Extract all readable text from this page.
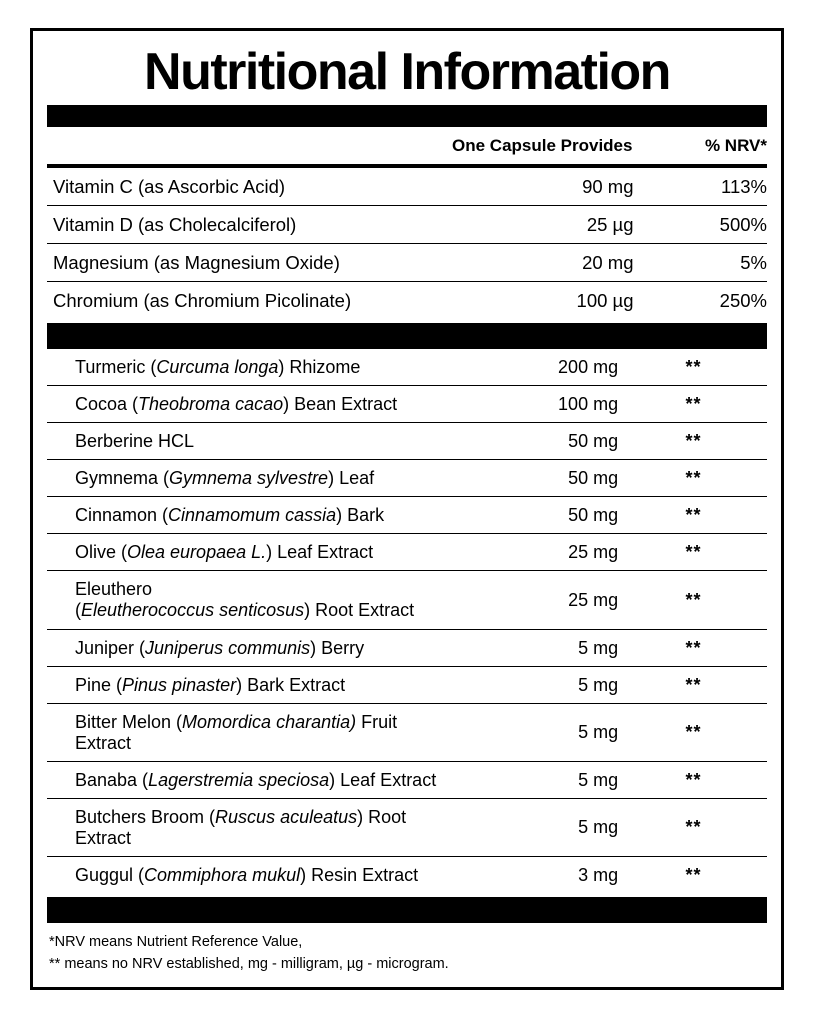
Nutritional Information
	One Capsule Provides	% NRV*
Vitamin C (as Ascorbic Acid)	90 mg	113%
Vitamin D (as Cholecalciferol)	25 µg	500%
Magnesium (as Magnesium Oxide)	20 mg	5%
Chromium (as Chromium Picolinate)	100 µg	250%
Turmeric (Curcuma longa) Rhizome	200 mg	**
Cocoa (Theobroma cacao) Bean Extract	100 mg	**
Berberine HCL	50 mg	**
Gymnema (Gymnema sylvestre) Leaf	50 mg	**
Cinnamon (Cinnamomum cassia) Bark	50 mg	**
Olive (Olea europaea L.) Leaf Extract	25 mg	**
Eleuthero
(Eleutherococcus senticosus) Root Extract	25 mg	**
Juniper (Juniperus communis) Berry	5 mg	**
Pine (Pinus pinaster) Bark Extract	5 mg	**
Bitter Melon (Momordica charantia) Fruit Extract	5 mg	**
Banaba (Lagerstremia speciosa) Leaf Extract	5 mg	**
Butchers Broom (Ruscus aculeatus) Root Extract	5 mg	**
Guggul (Commiphora mukul) Resin Extract	3 mg	**
*NRV means Nutrient Reference Value,
** means no NRV established, mg - milligram, µg - microgram.
